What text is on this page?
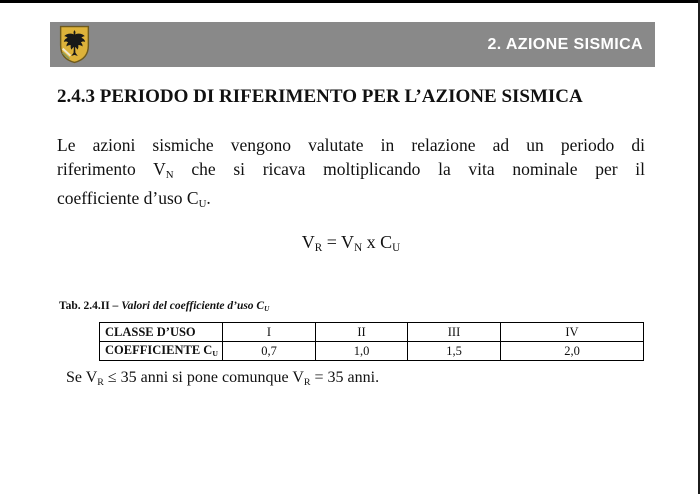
2. AZIONE SISMICA
2.4.3 PERIODO DI RIFERIMENTO PER L’AZIONE SISMICA
Le azioni sismiche vengono valutate in relazione ad un periodo di
riferimento VN che si ricava moltiplicando la vita nominale per il
coefficiente d’uso CU.
VR = VN x CU
Tab. 2.4.II – Valori del coefficiente d’uso CU
CLASSE D’USO	I	II	III	IV
COEFFICIENTE CU	0,7	1,0	1,5	2,0
Se VR ≤ 35 anni si pone comunque VR = 35 anni.
